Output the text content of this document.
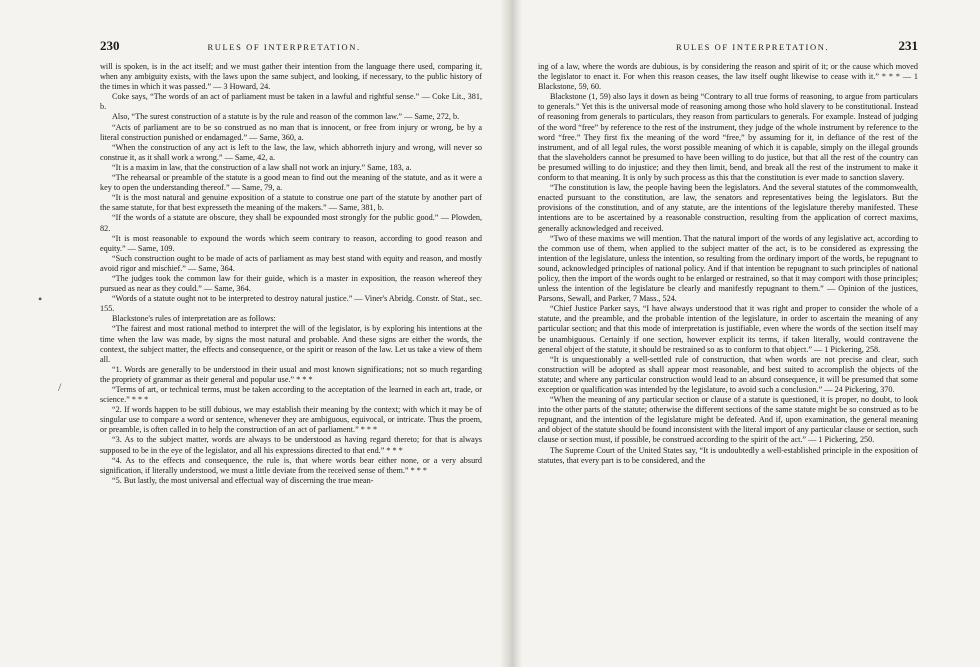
230	RULES OF INTERPRETATION.

will is spoken, is in the act itself; and we must gather their intention from the language there used, comparing it, when any ambiguity exists, with the laws upon the same subject, and looking, if necessary, to the public history of the times in which it was passed.” — 3 Howard, 24.

Coke says, “The words of an act of parliament must be taken in a lawful and rightful sense.” — Coke Lit., 381, b.

Also, “The surest construction of a statute is by the rule and reason of the common law.” — Same, 272, b.

“Acts of parliament are to be so construed as no man that is innocent, or free from injury or wrong, be by a literal construction punished or endamaged.” — Same, 360, a.

“When the construction of any act is left to the law, the law, which abhorreth injury and wrong, will never so construe it, as it shall work a wrong.” — Same, 42, a.

“It is a maxim in law, that the construction of a law shall not work an injury.” Same, 183, a.

“The rehearsal or preamble of the statute is a good mean to find out the meaning of the statute, and as it were a key to open the understanding thereof.” — Same, 79, a.

“It is the most natural and genuine exposition of a statute to construe one part of the statute by another part of the same statute, for that best expresseth the meaning of the makers.” — Same, 381, b.

“If the words of a statute are obscure, they shall be expounded most strongly for the public good.” — Plowden, 82.

“It is most reasonable to expound the words which seem contrary to reason, according to good reason and equity.” — Same, 109.

“Such construction ought to be made of acts of parliament as may best stand with equity and reason, and mostly avoid rigor and mischief.” — Same, 364.

“The judges took the common law for their guide, which is a master in exposition, the reason whereof they pursued as near as they could.” — Same, 364.

“Words of a statute ought not to be interpreted to destroy natural justice.” — Viner's Abridg. Constr. of Stat., sec. 155.

Blackstone's rules of interpretation are as follows:

“The fairest and most rational method to interpret the will of the legislator, is by exploring his intentions at the time when the law was made, by signs the most natural and probable. And these signs are either the words, the context, the subject matter, the effects and consequence, or the spirit or reason of the law. Let us take a view of them all.

“1. Words are generally to be understood in their usual and most known significations; not so much regarding the propriety of grammar as their general and popular use.” * * *

“Terms of art, or technical terms, must be taken according to the acceptation of the learned in each art, trade, or science.” * * *

“2. If words happen to be still dubious, we may establish their meaning by the context; with which it may be of singular use to compare a word or sentence, whenever they are ambiguous, equivocal, or intricate. Thus the proem, or preamble, is often called in to help the construction of an act of parliament.” * * *

“3. As to the subject matter, words are always to be understood as having regard thereto; for that is always supposed to be in the eye of the legislator, and all his expressions directed to that end.” * * *

“4. As to the effects and consequence, the rule is, that where words bear either none, or a very absurd signification, if literally understood, we must a little deviate from the received sense of them.” * * *

“5. But lastly, the most universal and effectual way of discerning the true mean-

RULES OF INTERPRETATION.	231

ing of a law, where the words are dubious, is by considering the reason and spirit of it; or the cause which moved the legislator to enact it. For when this reason ceases, the law itself ought likewise to cease with it.” * * * — 1 Blackstone, 59, 60.

Blackstone (1, 59) also lays it down as being “Contrary to all true forms of reasoning, to argue from particulars to generals.” Yet this is the universal mode of reasoning among those who hold slavery to be constitutional. Instead of reasoning from generals to particulars, they reason from particulars to generals. For example. Instead of judging of the word “free” by reference to the rest of the instrument, they judge of the whole instrument by reference to the word “free.” They first fix the meaning of the word “free,” by assuming for it, in defiance of the rest of the instrument, and of all legal rules, the worst possible meaning of which it is capable, simply on the illegal grounds that the slaveholders cannot be presumed to have been willing to do justice, but that all the rest of the country can be presumed willing to do injustice; and they then limit, bend, and break all the rest of the instrument to make it conform to that meaning. It is only by such process as this that the constitution is ever made to sanction slavery.

“The constitution is law, the people having been the legislators. And the several statutes of the commonwealth, enacted pursuant to the constitution, are law, the senators and representatives being the legislators. But the provisions of the constitution, and of any statute, are the intentions of the legislature thereby manifested. These intentions are to be ascertained by a reasonable construction, resulting from the application of correct maxims, generally acknowledged and received.

“Two of these maxims we will mention. That the natural import of the words of any legislative act, according to the common use of them, when applied to the subject matter of the act, is to be considered as expressing the intention of the legislature, unless the intention, so resulting from the ordinary import of the words, be repugnant to sound, acknowledged principles of national policy. And if that intention be repugnant to such principles of national policy, then the import of the words ought to be enlarged or restrained, so that it may comport with those principles; unless the intention of the legislature be clearly and manifestly repugnant to them.” — Opinion of the justices, Parsons, Sewall, and Parker, 7 Mass., 524.

“Chief Justice Parker says, “I have always understood that it was right and proper to consider the whole of a statute, and the preamble, and the probable intention of the legislature, in order to ascertain the meaning of any particular section; and that this mode of interpretation is justifiable, even where the words of the section itself may be unambiguous. Certainly if one section, however explicit its terms, if taken literally, would contravene the general object of the statute, it should be restrained so as to conform to that object.” — 1 Pickering, 258.

“It is unquestionably a well-settled rule of construction, that when words are not precise and clear, such construction will be adopted as shall appear most reasonable, and best suited to accomplish the objects of the statute; and where any particular construction would lead to an absurd consequence, it will be presumed that some exception or qualification was intended by the legislature, to avoid such a conclusion.” — 24 Pickering, 370.

“When the meaning of any particular section or clause of a statute is questioned, it is proper, no doubt, to look into the other parts of the statute; otherwise the different sections of the same statute might be so construed as to be repugnant, and the intention of the legislature might be defeated. And if, upon examination, the general meaning and object of the statute should be found inconsistent with the literal import of any particular clause or section, such clause or section must, if possible, be construed according to the spirit of the act.” — 1 Pickering, 250.

The Supreme Court of the United States say, “It is undoubtedly a well-established principle in the exposition of statutes, that every part is to be considered, and the

•
/
